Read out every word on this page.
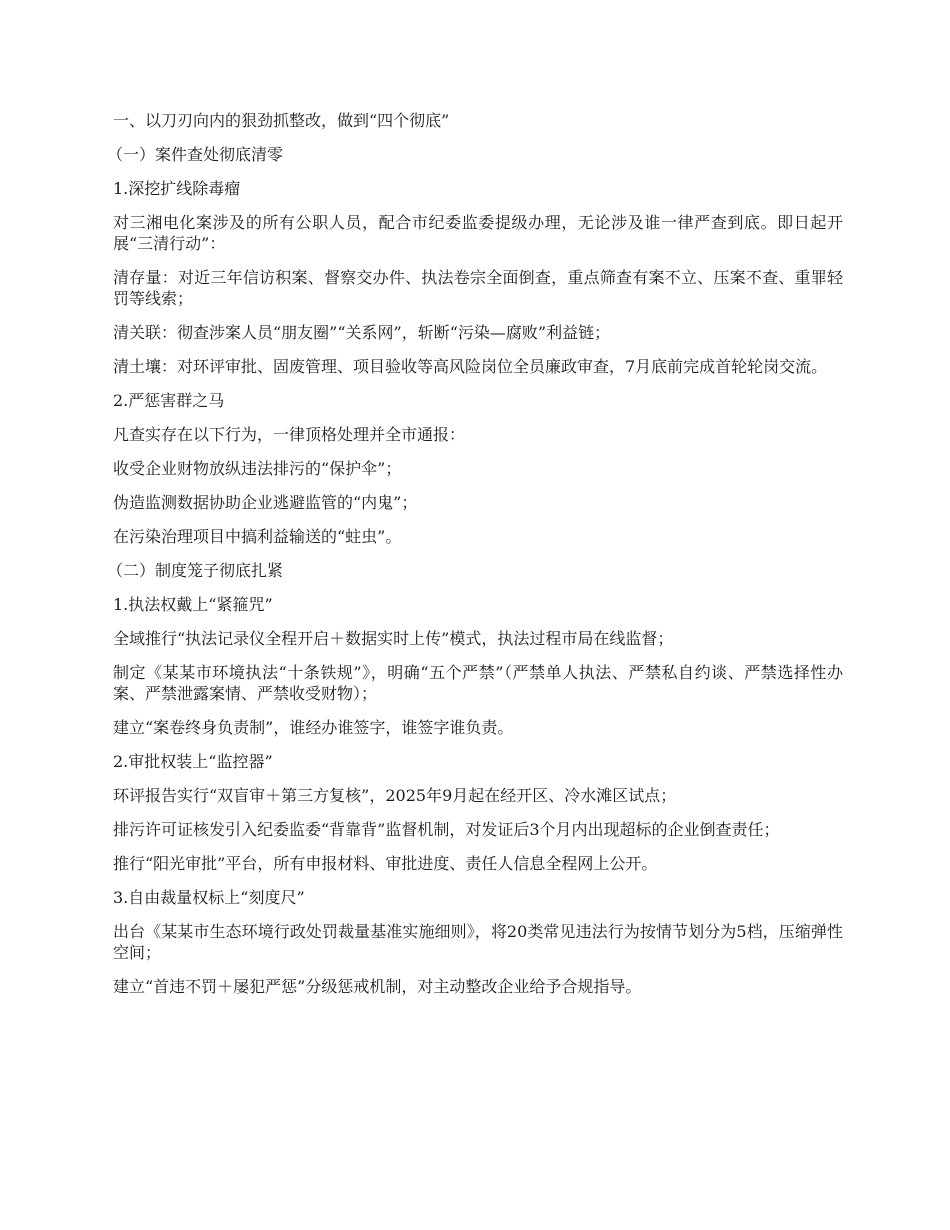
一、以刀刃向内的狠劲抓整改，做到“四个彻底”

（一）案件查处彻底清零

1.深挖扩线除毒瘤

对三湘电化案涉及的所有公职人员，配合市纪委监委提级办理，无论涉及谁一律严查到底。即日起开展“三清行动”：

清存量：对近三年信访积案、督察交办件、执法卷宗全面倒查，重点筛查有案不立、压案不查、重罪轻罚等线索；

清关联：彻查涉案人员“朋友圈”“关系网”，斩断“污染—腐败”利益链；

清土壤：对环评审批、固废管理、项目验收等高风险岗位全员廉政审查，7月底前完成首轮轮岗交流。

2.严惩害群之马

凡查实存在以下行为，一律顶格处理并全市通报：

收受企业财物放纵违法排污的“保护伞”；

伪造监测数据协助企业逃避监管的“内鬼”；

在污染治理项目中搞利益输送的“蛀虫”。

（二）制度笼子彻底扎紧

1.执法权戴上“紧箍咒”

全域推行“执法记录仪全程开启＋数据实时上传”模式，执法过程市局在线监督；

制定《某某市环境执法“十条铁规”》，明确“五个严禁”（严禁单人执法、严禁私自约谈、严禁选择性办案、严禁泄露案情、严禁收受财物）；

建立“案卷终身负责制”，谁经办谁签字，谁签字谁负责。

2.审批权装上“监控器”

环评报告实行“双盲审＋第三方复核”，2025年9月起在经开区、冷水滩区试点；

排污许可证核发引入纪委监委“背靠背”监督机制，对发证后3个月内出现超标的企业倒查责任；

推行“阳光审批”平台，所有申报材料、审批进度、责任人信息全程网上公开。

3.自由裁量权标上“刻度尺”

出台《某某市生态环境行政处罚裁量基准实施细则》，将20类常见违法行为按情节划分为5档，压缩弹性空间；

建立“首违不罚＋屡犯严惩”分级惩戒机制，对主动整改企业给予合规指导。
